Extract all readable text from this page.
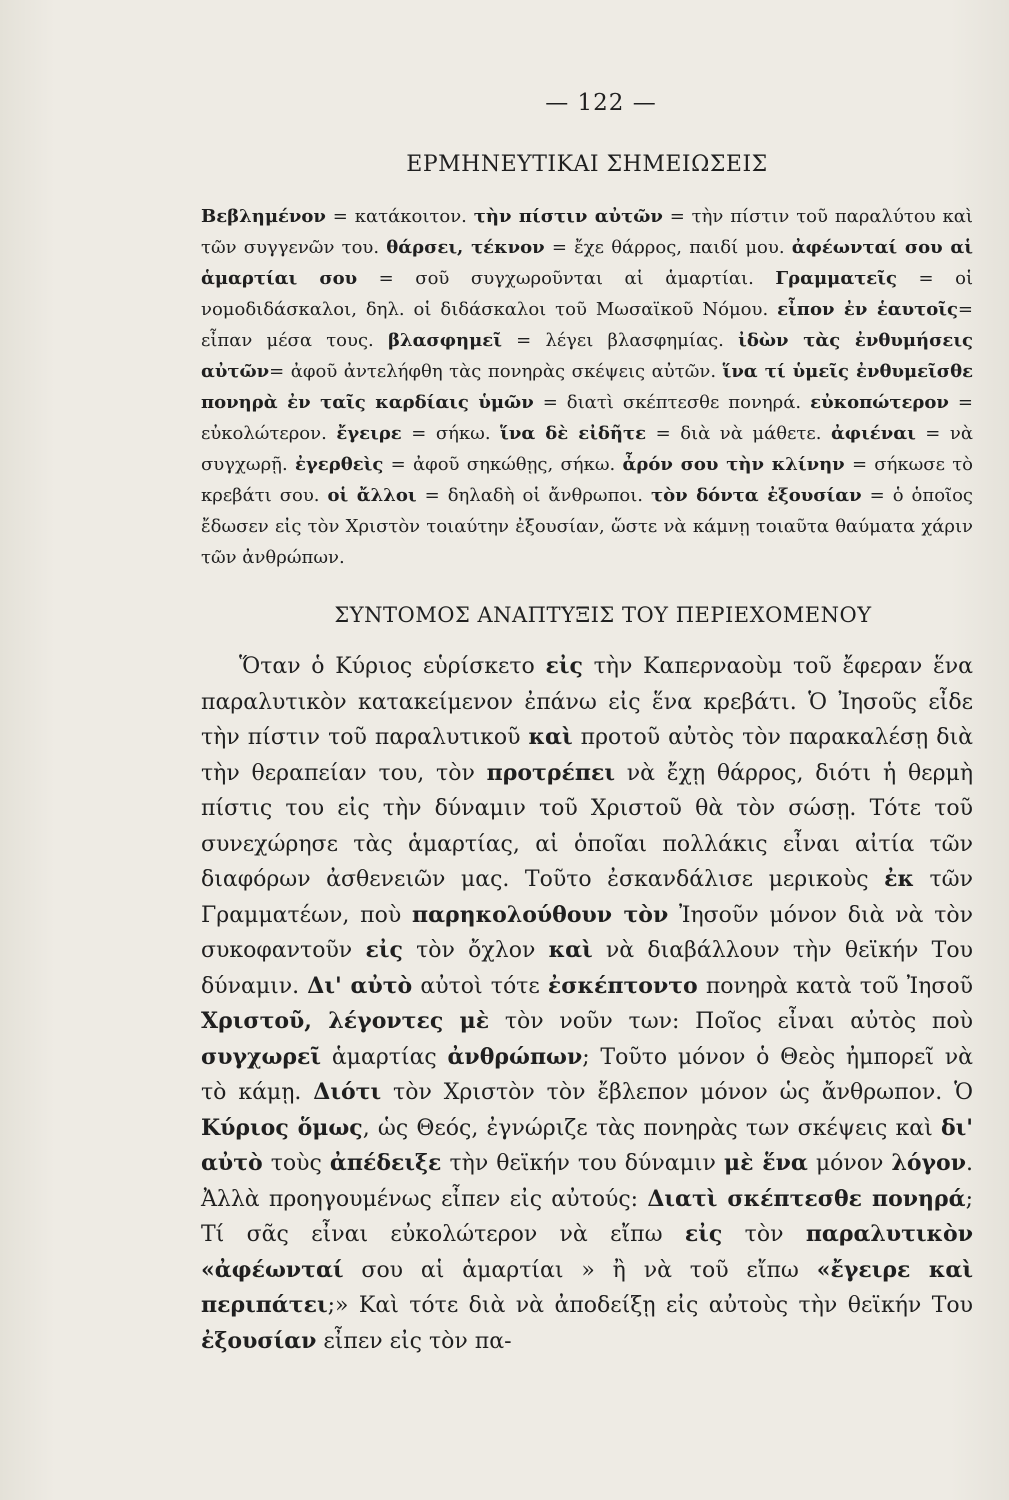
— 122 —
ΕΡΜΗΝΕΥΤΙΚΑΙ ΣΗΜΕΙΩΣΕΙΣ

Βεβλημένον = κατάκοιτον. τὴν πίστιν αὐτῶν = τὴν πίστιν τοῦ παραλύτου καὶ τῶν συγγενῶν του. θάρσει, τέκνον = ἔχε θάρρος, παιδί μου. ἀφέωνταί σου αἱ ἁμαρτίαι σου = σοῦ συγχωροῦνται αἱ ἁμαρτίαι. Γραμματεῖς = οἱ νομοδιδάσκαλοι, δηλ. οἱ διδάσκαλοι τοῦ Μωσαϊκοῦ Νόμου. εἶπον ἐν ἑαυτοῖς= εἶπαν μέσα τους. βλασφημεῖ = λέγει βλασφημίας. ἰδὼν τὰς ἐνθυμήσεις αὐτῶν= ἀφοῦ ἀντελήφθη τὰς πονηρὰς σκέψεις αὐτῶν. ἵνα τί ὑμεῖς ἐνθυμεῖσθε πονηρὰ ἐν ταῖς καρδίαις ὑμῶν = διατὶ σκέπτεσθε πονηρά. εὐκοπώτερον = εὐκολώτερον. ἔγειρε = σήκω. ἵνα δὲ εἰδῆτε = διὰ νὰ μάθετε. ἀφιέναι = νὰ συγχωρῇ. ἐγερθεὶς = ἀφοῦ σηκώθῃς, σήκω. ἆρόν σου τὴν κλίνην = σήκωσε τὸ κρεβάτι σου. οἱ ἄλλοι = δηλαδὴ οἱ ἄνθρωποι. τὸν δόντα ἐξουσίαν = ὁ ὁποῖος ἔδωσεν εἰς τὸν Χριστὸν τοιαύτην ἐξουσίαν, ὥστε νὰ κάμνῃ τοιαῦτα θαύματα χάριν τῶν ἀνθρώπων.

ΣΥΝΤΟΜΟΣ ΑΝΑΠΤΥΞΙΣ ΤΟΥ ΠΕΡΙΕΧΟΜΕΝΟΥ

Ὅταν ὁ Κύριος εὑρίσκετο εἰς τὴν Καπερναοὺμ τοῦ ἔφεραν ἕνα παραλυτικὸν κατακείμενον ἐπάνω εἰς ἕνα κρεβάτι. Ὁ Ἰησοῦς εἶδε τὴν πίστιν τοῦ παραλυτικοῦ καὶ προτοῦ αὐτὸς τὸν παρακαλέσῃ διὰ τὴν θεραπείαν του, τὸν προτρέπει νὰ ἔχῃ θάρρος, διότι ἡ θερμὴ πίστις του εἰς τὴν δύναμιν τοῦ Χριστοῦ θὰ τὸν σώσῃ. Τότε τοῦ συνεχώρησε τὰς ἁμαρτίας, αἱ ὁποῖαι πολλάκις εἶναι αἰτία τῶν διαφόρων ἀσθενειῶν μας. Τοῦτο ἐσκανδάλισε μερικοὺς ἐκ τῶν Γραμματέων, ποὺ παρηκολούθουν τὸν Ἰησοῦν μόνον διὰ νὰ τὸν συκοφαντοῦν εἰς τὸν ὄχλον καὶ νὰ διαβάλλουν τὴν θεϊκήν Του δύναμιν. Δι' αὐτὸ αὐτοὶ τότε ἐσκέπτοντο πονηρὰ κατὰ τοῦ Ἰησοῦ Χριστοῦ, λέγοντες μὲ τὸν νοῦν των: Ποῖος εἶναι αὐτὸς ποὺ συγχωρεῖ ἁμαρτίας ἀνθρώπων; Τοῦτο μόνον ὁ Θεὸς ἠμπορεῖ νὰ τὸ κάμῃ. Διότι τὸν Χριστὸν τὸν ἔβλεπον μόνον ὡς ἄνθρωπον. Ὁ Κύριος ὅμως, ὡς Θεός, ἐγνώριζε τὰς πονηρὰς των σκέψεις καὶ δι' αὐτὸ τοὺς ἀπέδειξε τὴν θεϊκήν του δύναμιν μὲ ἕνα μόνον λόγον. Ἀλλὰ προηγουμένως εἶπεν εἰς αὐτούς: Διατὶ σκέπτεσθε πονηρά; Τί σᾶς εἶναι εὐκολώτερον νὰ εἴπω εἰς τὸν παραλυτικὸν «ἀφέωνταί σου αἱ ἁμαρτίαι » ἢ νὰ τοῦ εἴπω «ἔγειρε καὶ περιπάτει;» Καὶ τότε διὰ νὰ ἀποδείξῃ εἰς αὐτοὺς τὴν θεϊκήν Του ἐξουσίαν εἶπεν εἰς τὸν πα-
